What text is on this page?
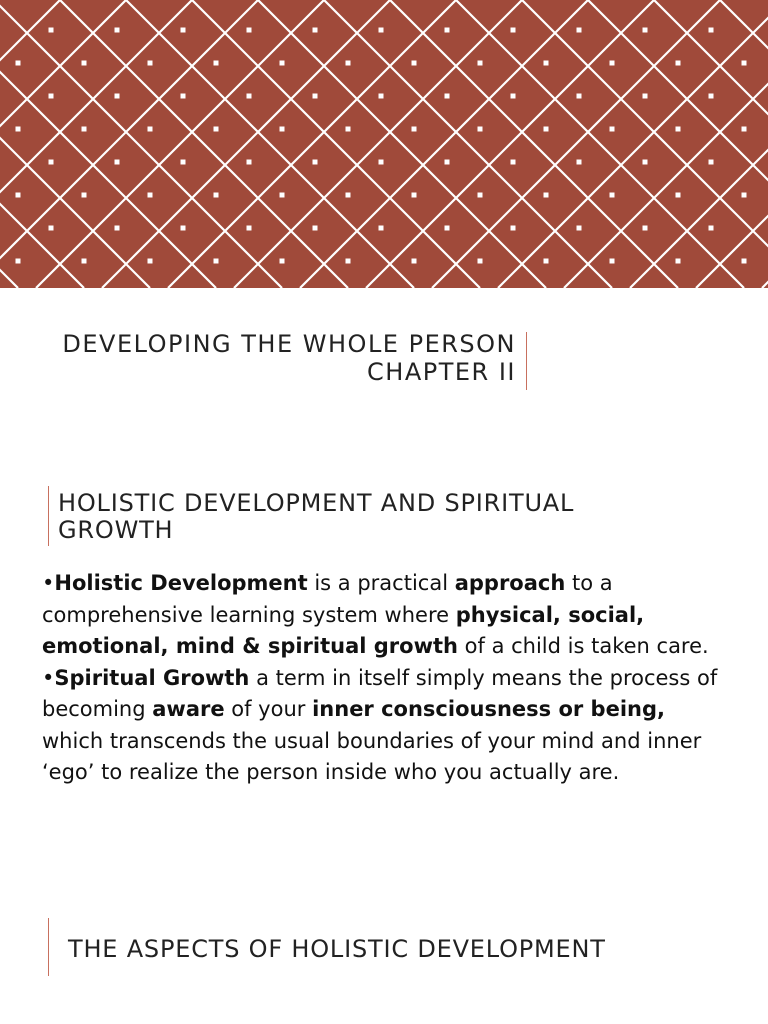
DEVELOPING THE WHOLE PERSON
CHAPTER II
HOLISTIC DEVELOPMENT AND SPIRITUAL GROWTH

•Holistic Development is a practical approach to a comprehensive learning system where physical, social, emotional, mind & spiritual growth of a child is taken care.

•Spiritual Growth a term in itself simply means the process of becoming aware of your inner consciousness or being, which transcends the usual boundaries of your mind and inner ‘ego’ to realize the person inside who you actually are.

THE ASPECTS OF HOLISTIC DEVELOPMENT
